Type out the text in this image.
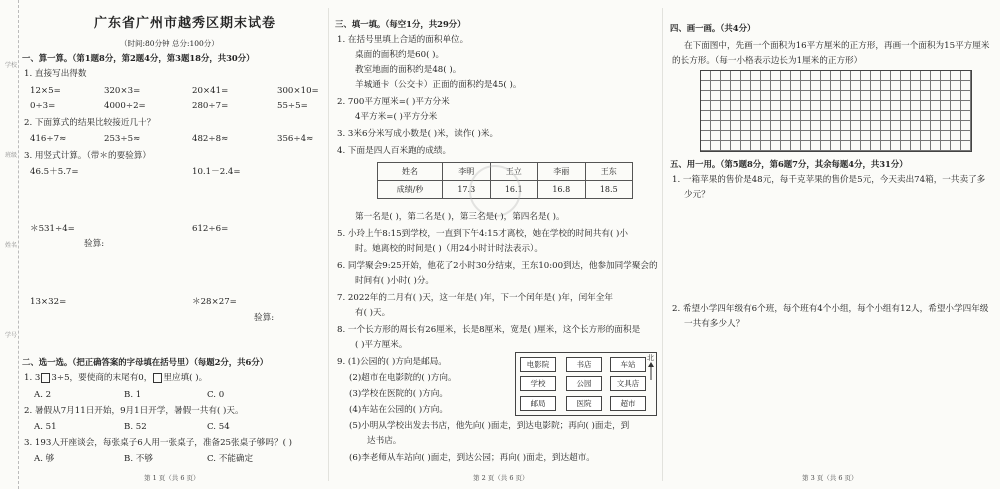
学校
班级
姓名
学号
广东省广州市越秀区期末试卷
（时间:80分钟 总分:100分）
一、算一算。（第1题8分，第2题4分，第3题18分，共30分）
1. 直接写出得数
12×5=	320×3=	20×41=	300×10=
0÷3=	4000÷2=	280÷7=	55÷5=
2. 下面算式的结果比较接近几十？
416÷7≈	253÷5≈	482÷8≈	356÷4≈
3. 用竖式计算。（带＊的要验算）
46.5＋5.7=	10.1－2.4=
＊531÷4=	612÷6=
验算:
13×32=	＊28×27=
验算:
二、选一选。（把正确答案的字母填在括号里）（每题2分，共6分）
1. 3 3÷5，要使商的末尾有0， 里应填( )。
A. 2	B. 1	C. 0
2. 暑假从7月11日开始，9月1日开学，暑假一共有( )天。
A. 51	B. 52	C. 54
3. 193人开座谈会，每张桌子6人用一张桌子，准备25张桌子够吗？( )
A. 够	B. 不够	C. 不能确定
第 1 页（共 6 页）
三、填一填。（每空1分，共29分）
1. 在括号里填上合适的面积单位。
桌面的面积约是60( )。
教室地面的面积约是48( )。
羊城通卡（公交卡）正面的面积约是45( )。
2. 700平方厘米=( )平方分米
4平方米=( )平方分米
3. 3米6分米写成小数是( )米，读作( )米。
4. 下面是四人百米跑的成绩。
姓名	李明	王立	李丽	王东
成绩/秒	17.3	16.1	16.8	18.5
第一名是( )，第二名是( )，第三名是( )，第四名是( )。
5. 小玲上午8:15到学校，一直到下午4:15才离校，她在学校的时间共有( )小
时。她离校的时间是( )（用24小时计时法表示）。
6. 同学聚会9:25开始，他花了2小时30分结束，王东10:00到达，他参加同学聚会的
时间有( )小时( )分。
7. 2022年的二月有( )天，这一年是( )年，下一个闰年是( )年，闰年全年
有( )天。
8. 一个长方形的周长有26厘米，长是8厘米，宽是( )厘米，这个长方形的面积是
( )平方厘米。
9. (1)公园的( )方向是邮局。
(2)超市在电影院的( )方向。
(3)学校在医院的( )方向。
(4)车站在公园的( )方向。
(5)小明从学校出发去书店，他先向( )面走，到达电影院；再向( )面走，到
达书店。
(6)李老师从车站向( )面走，到达公园；再向( )面走，到达超市。
电影院	书店	车站
学校	公园	文具店
邮局	医院	超市
北
第 2 页（共 6 页）
四、画一画。（共4分）
在下面图中，先画一个面积为16平方厘米的正方形，再画一个面积为15平方厘米
的长方形。（每一小格表示边长为1厘米的正方形）
五、用一用。（第5题8分，第6题7分，其余每题4分，共31分）
1. 一箱苹果的售价是48元，每千克苹果的售价是5元，今天卖出74箱，一共卖了多
少元？
2. 希望小学四年级有6个班，每个班有4个小组，每个小组有12人，希望小学四年级
一共有多少人？
第 3 页（共 6 页）
